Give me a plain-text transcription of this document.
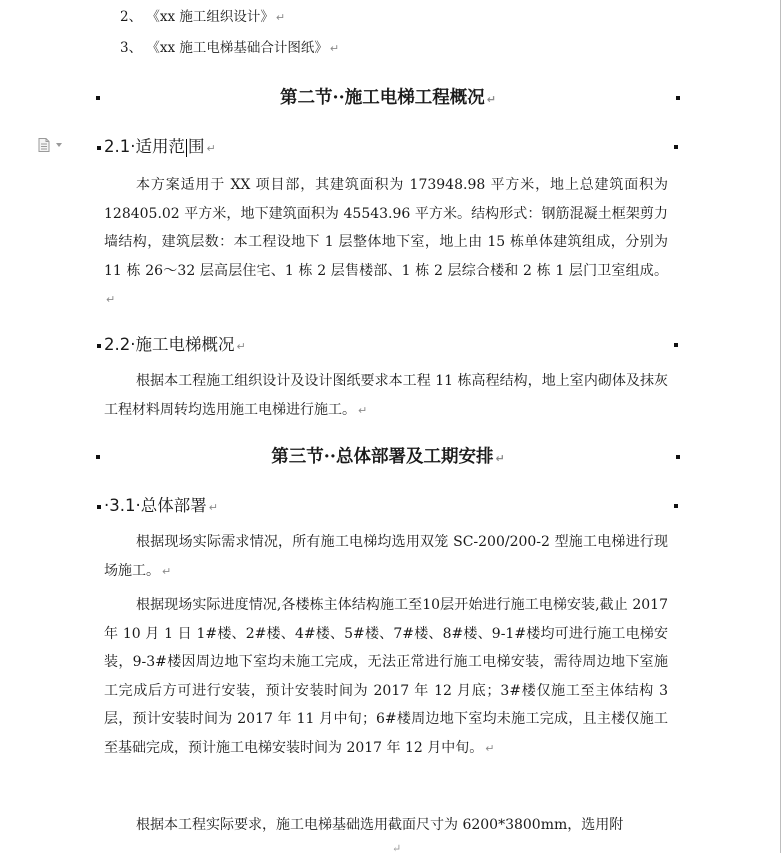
2、 《xx 施工组织设计》 ↵
3、 《xx 施工电梯基础合计图纸》 ↵
第二节··施工电梯工程概况 ↵
2.1·适用范 围 ↵
本方案适用于 XX 项目部，其建筑面积为 173948.98 平方米，地上总建筑面积为 128405.02 平方米，地下建筑面积为 45543.96 平方米。结构形式：钢筋混凝土框架剪力墙结构，建筑层数：本工程设地下 1 层整体地下室，地上由 15 栋单体建筑组成，分别为 11 栋 26～32 层高层住宅、1 栋 2 层售楼部、1 栋 2 层综合楼和 2 栋 1 层门卫室组成。↵
2.2·施工电梯概况 ↵
根据本工程施工组织设计及设计图纸要求本工程 11 栋高程结构，地上室内砌体及抹灰工程材料周转均选用施工电梯进行施工。 ↵
第三节··总体部署及工期安排 ↵
·3.1·总体部署 ↵
根据现场实际需求情况，所有施工电梯均选用双笼 SC-200/200-2 型施工电梯进行现场施工。 ↵
根据现场实际进度情况,各楼栋主体结构施工至10层开始进行施工电梯安装,截止 2017 年 10 月 1 日 1#楼、2#楼、4#楼、5#楼、7#楼、8#楼、9-1#楼均可进行施工电梯安装，9-3#楼因周边地下室均未施工完成，无法正常进行施工电梯安装，需待周边地下室施工完成后方可进行安装，预计安装时间为 2017 年 12 月底；3#楼仅施工至主体结构 3 层，预计安装时间为 2017 年 11 月中旬；6#楼周边地下室均未施工完成，且主楼仅施工至基础完成，预计施工电梯安装时间为 2017 年 12 月中旬。 ↵
根据本工程实际要求，施工电梯基础选用截面尺寸为 6200*3800mm，选用附
↵
